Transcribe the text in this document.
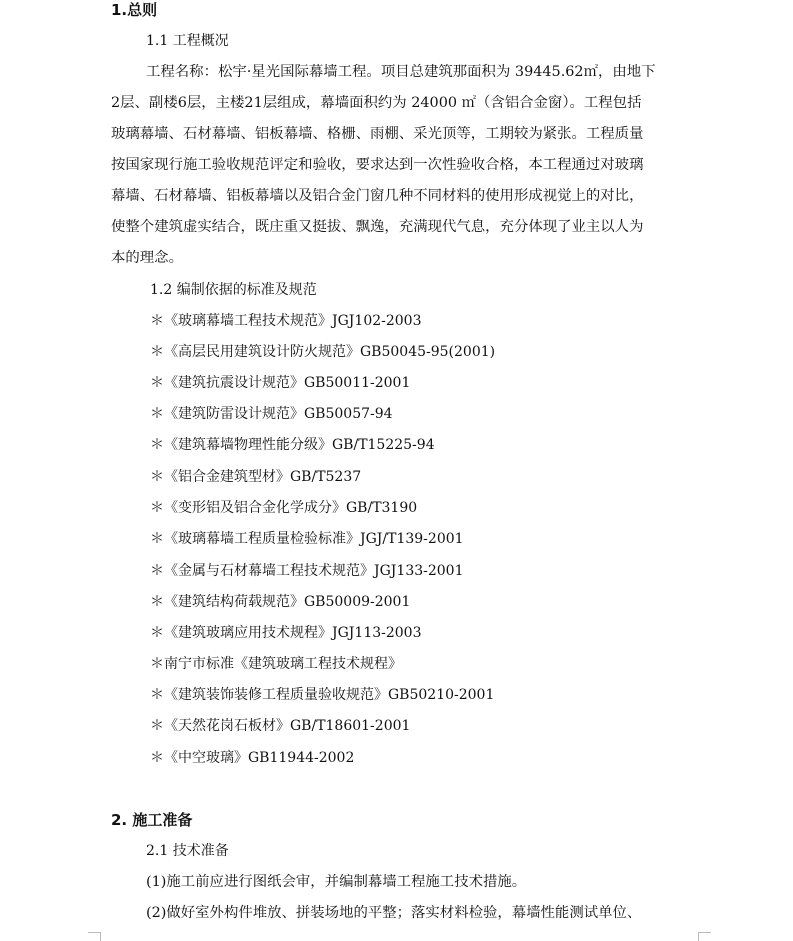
1.总则
1.1 工程概况
工程名称：松宇·星光国际幕墙工程。项目总建筑那面积为 39445.62㎡，由地下
2层、副楼6层，主楼21层组成，幕墙面积约为 24000 ㎡（含铝合金窗）。工程包括
玻璃幕墙、石材幕墙、铝板幕墙、格栅、雨棚、采光顶等，工期较为紧张。工程质量
按国家现行施工验收规范评定和验收，要求达到一次性验收合格，本工程通过对玻璃
幕墙、石材幕墙、铝板幕墙以及铝合金门窗几种不同材料的使用形成视觉上的对比，
使整个建筑虚实结合，既庄重又挺拔、飘逸，充满现代气息，充分体现了业主以人为
本的理念。
1.2 编制依据的标准及规范
＊《玻璃幕墙工程技术规范》JGJ102-2003
＊《高层民用建筑设计防火规范》GB50045-95(2001)
＊《建筑抗震设计规范》GB50011-2001
＊《建筑防雷设计规范》GB50057-94
＊《建筑幕墙物理性能分级》GB/T15225-94
＊《铝合金建筑型材》GB/T5237
＊《变形铝及铝合金化学成分》GB/T3190
＊《玻璃幕墙工程质量检验标准》JGJ/T139-2001
＊《金属与石材幕墙工程技术规范》JGJ133-2001
＊《建筑结构荷载规范》GB50009-2001
＊《建筑玻璃应用技术规程》JGJ113-2003
＊南宁市标准《建筑玻璃工程技术规程》
＊《建筑装饰装修工程质量验收规范》GB50210-2001
＊《天然花岗石板材》GB/T18601-2001
＊《中空玻璃》GB11944-2002
2. 施工准备
2.1 技术准备
(1)施工前应进行图纸会审，并编制幕墙工程施工技术措施。
(2)做好室外构件堆放、拼装场地的平整；落实材料检验，幕墙性能测试单位、
